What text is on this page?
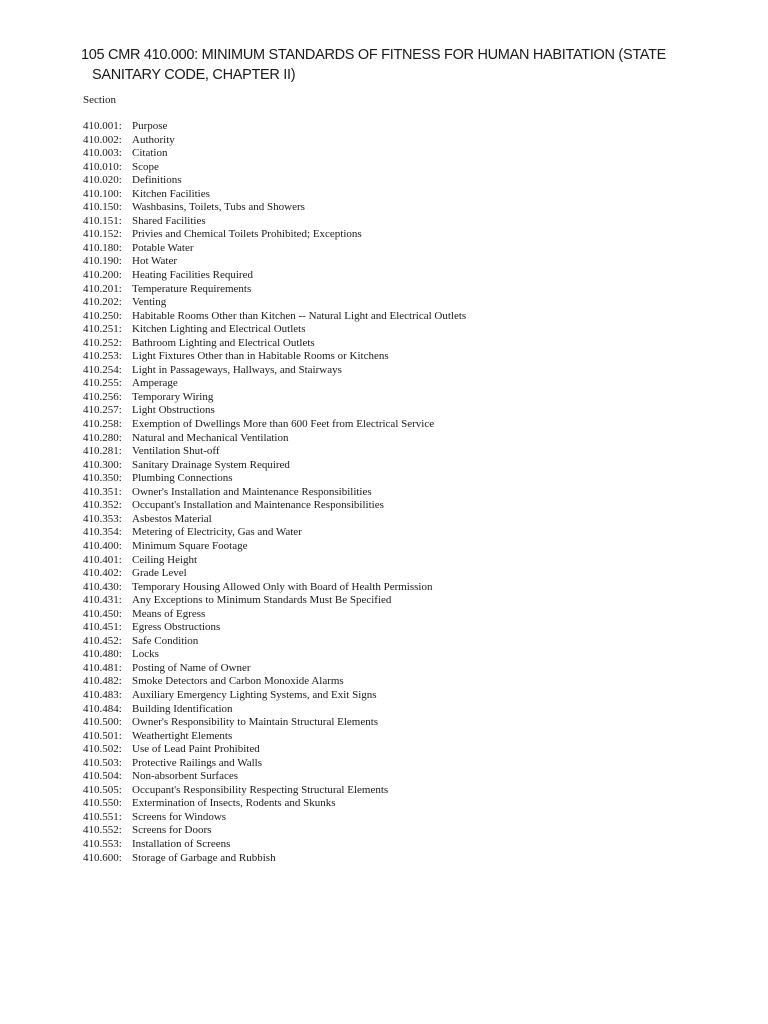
105 CMR 410.000: MINIMUM STANDARDS OF FITNESS FOR HUMAN HABITATION (STATE
SANITARY CODE, CHAPTER II)
Section
410.001: Purpose
410.002: Authority
410.003: Citation
410.010: Scope
410.020: Definitions
410.100: Kitchen Facilities
410.150: Washbasins, Toilets, Tubs and Showers
410.151: Shared Facilities
410.152: Privies and Chemical Toilets Prohibited; Exceptions
410.180: Potable Water
410.190: Hot Water
410.200: Heating Facilities Required
410.201: Temperature Requirements
410.202: Venting
410.250: Habitable Rooms Other than Kitchen -- Natural Light and Electrical Outlets
410.251: Kitchen Lighting and Electrical Outlets
410.252: Bathroom Lighting and Electrical Outlets
410.253: Light Fixtures Other than in Habitable Rooms or Kitchens
410.254: Light in Passageways, Hallways, and Stairways
410.255: Amperage
410.256: Temporary Wiring
410.257: Light Obstructions
410.258: Exemption of Dwellings More than 600 Feet from Electrical Service
410.280: Natural and Mechanical Ventilation
410.281: Ventilation Shut-off
410.300: Sanitary Drainage System Required
410.350: Plumbing Connections
410.351: Owner's Installation and Maintenance Responsibilities
410.352: Occupant's Installation and Maintenance Responsibilities
410.353: Asbestos Material
410.354: Metering of Electricity, Gas and Water
410.400: Minimum Square Footage
410.401: Ceiling Height
410.402: Grade Level
410.430: Temporary Housing Allowed Only with Board of Health Permission
410.431: Any Exceptions to Minimum Standards Must Be Specified
410.450: Means of Egress
410.451: Egress Obstructions
410.452: Safe Condition
410.480: Locks
410.481: Posting of Name of Owner
410.482: Smoke Detectors and Carbon Monoxide Alarms
410.483: Auxiliary Emergency Lighting Systems, and Exit Signs
410.484: Building Identification
410.500: Owner's Responsibility to Maintain Structural Elements
410.501: Weathertight Elements
410.502: Use of Lead Paint Prohibited
410.503: Protective Railings and Walls
410.504: Non-absorbent Surfaces
410.505: Occupant's Responsibility Respecting Structural Elements
410.550: Extermination of Insects, Rodents and Skunks
410.551: Screens for Windows
410.552: Screens for Doors
410.553: Installation of Screens
410.600: Storage of Garbage and Rubbish
